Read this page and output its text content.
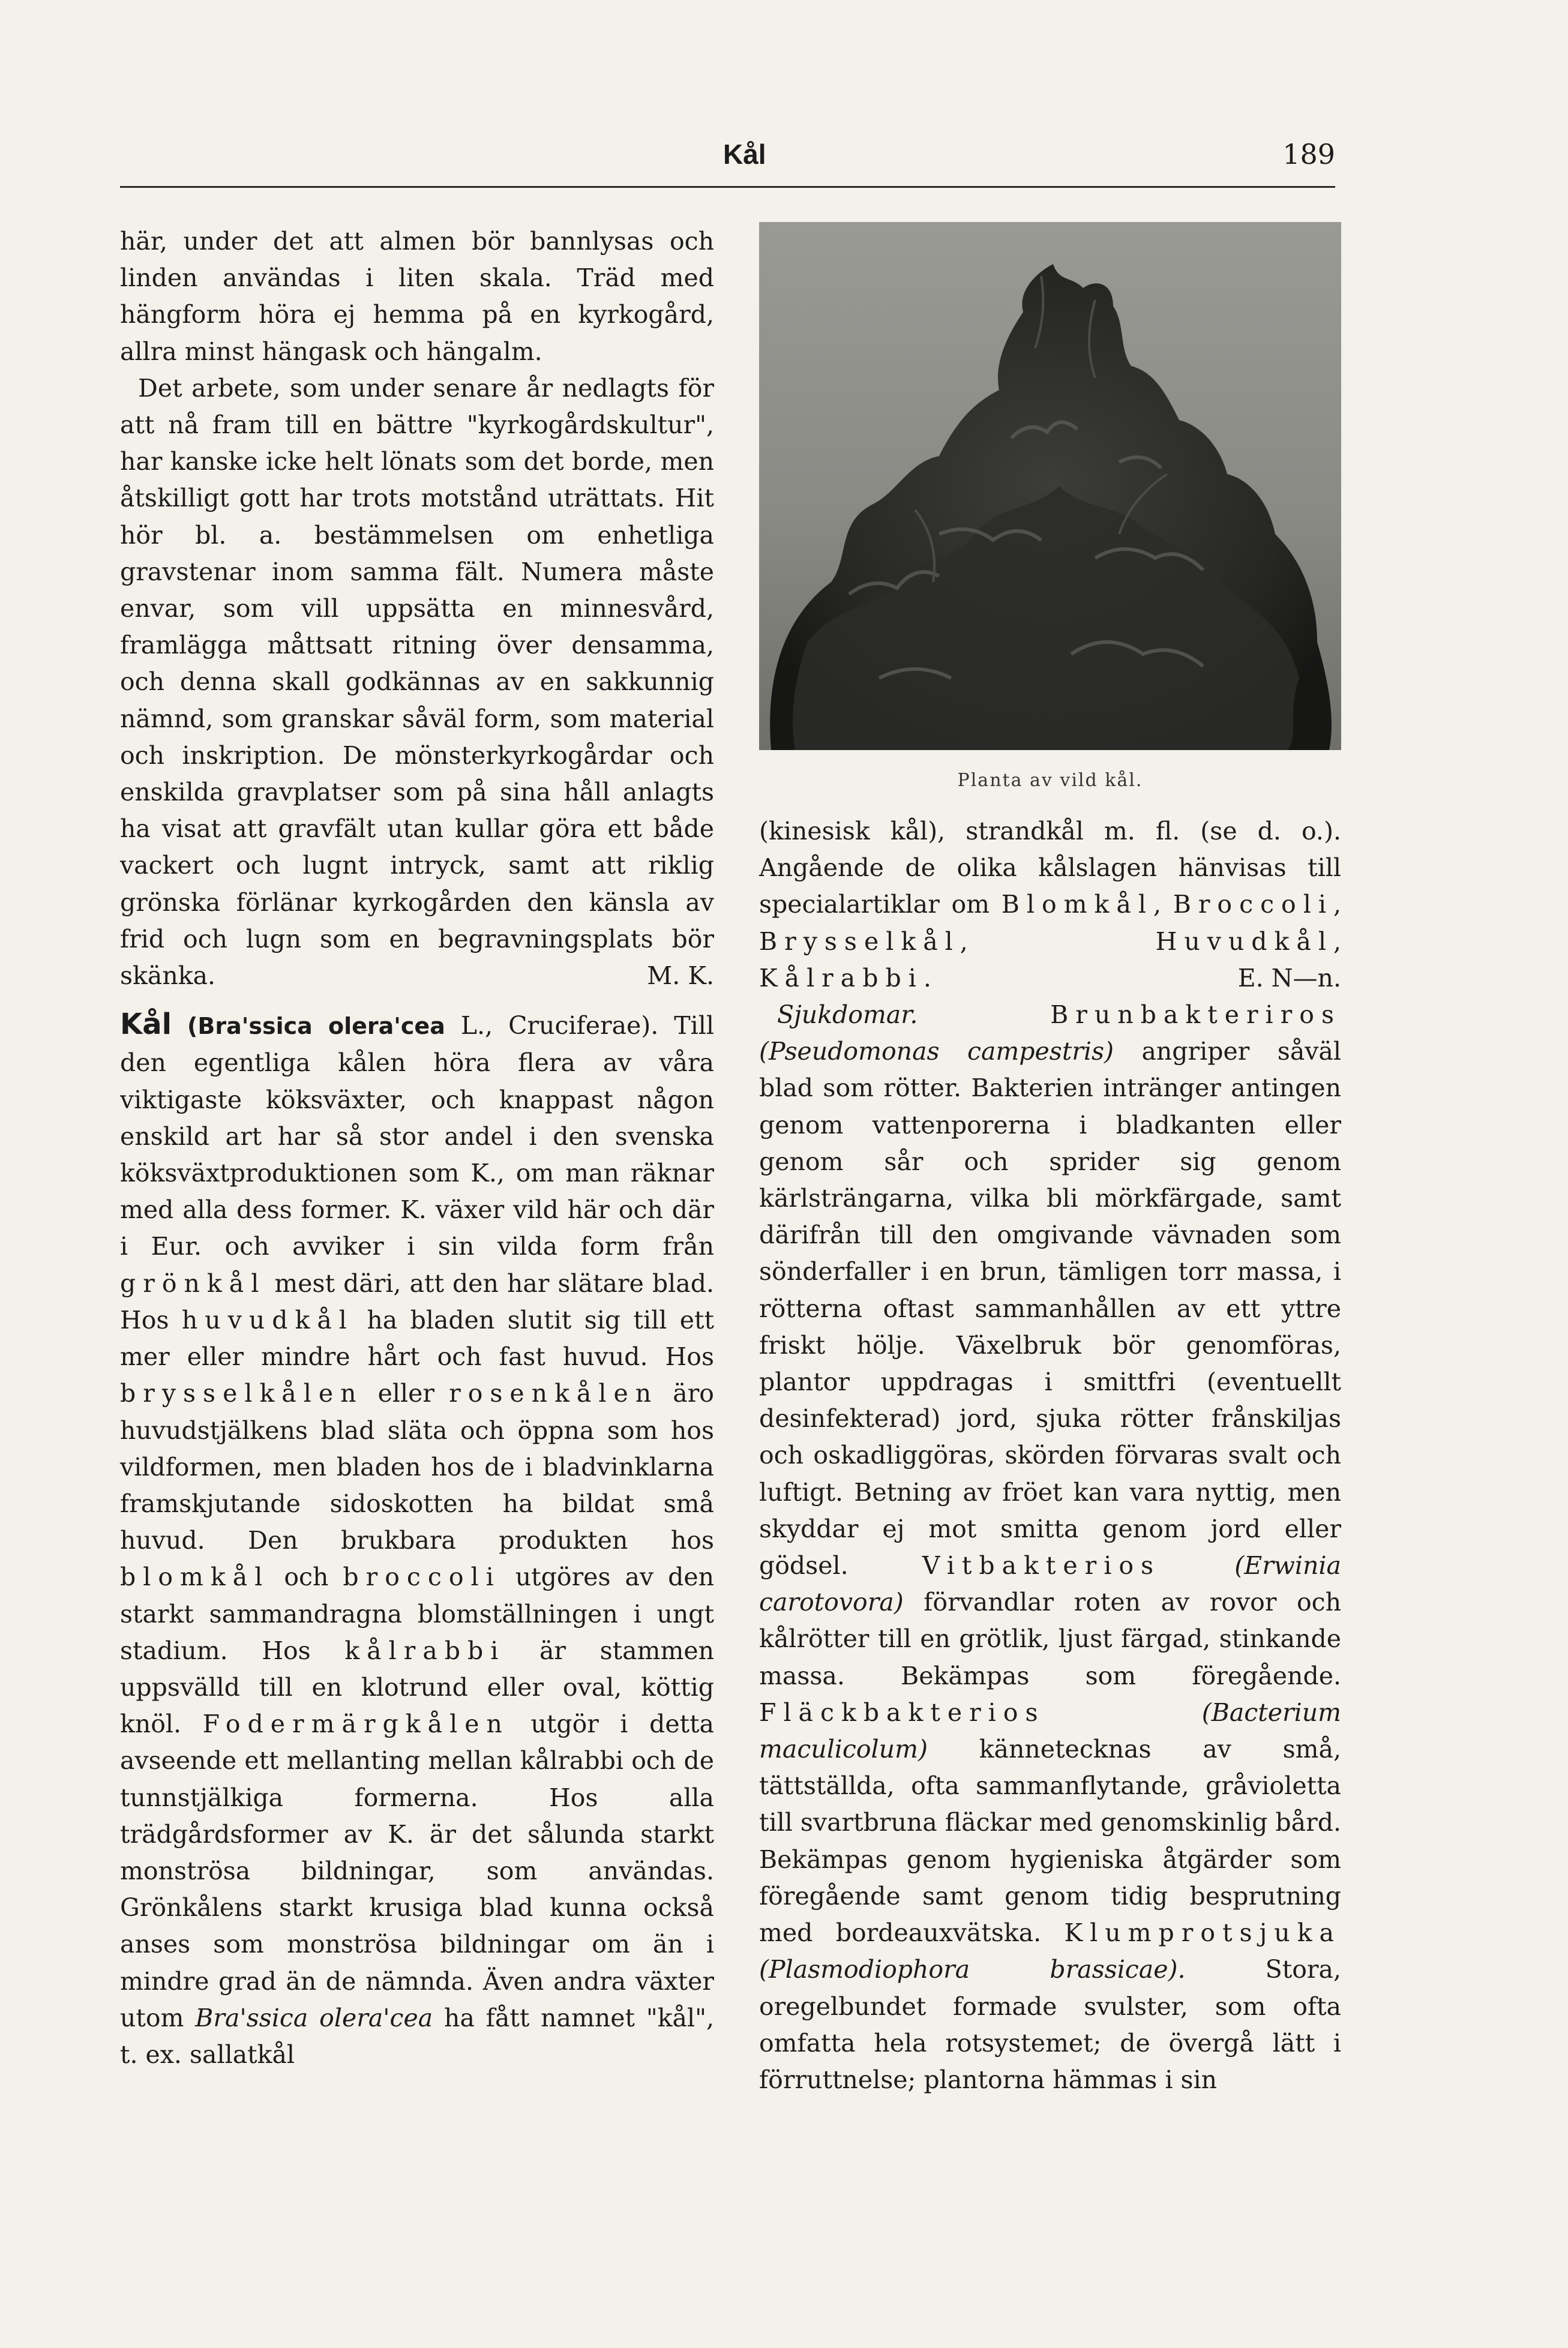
Kål	189

här, under det att almen bör bannlysas och linden användas i liten skala. Träd med hängform höra ej hemma på en kyrkogård, allra minst hängask och hängalm.

Det arbete, som under senare år nedlagts för att nå fram till en bättre "kyrkogårdskultur", har kanske icke helt lönats som det borde, men åtskilligt gott har trots motstånd uträttats. Hit hör bl. a. bestämmelsen om enhetliga gravstenar inom samma fält. Numera måste envar, som vill uppsätta en minnesvård, framlägga måttsatt ritning över densamma, och denna skall godkännas av en sakkunnig nämnd, som granskar såväl form, som material och inskription. De mönsterkyrkogårdar och enskilda gravplatser som på sina håll anlagts ha visat att gravfält utan kullar göra ett både vackert och lugnt intryck, samt att riklig grönska förlänar kyrkogården den känsla av frid och lugn som en begravningsplats bör skänka.	M. K.

Kål (Bra'ssica olera'cea L., Cruciferae). Till den egentliga kålen höra flera av våra viktigaste köksväxter, och knappast någon enskild art har så stor andel i den svenska köksväxtproduktionen som K., om man räknar med alla dess former. K. växer vild här och där i Eur. och avviker i sin vilda form från grönkål mest däri, att den har slätare blad. Hos huvudkål ha bladen slutit sig till ett mer eller mindre hårt och fast huvud. Hos brysselkålen eller rosenkålen äro huvudstjälkens blad släta och öppna som hos vildformen, men bladen hos de i bladvinklarna framskjutande sidoskotten ha bildat små huvud. Den brukbara produkten hos blomkål och broccoli utgöres av den starkt sammandragna blomställningen i ungt stadium. Hos kålrabbi är stammen uppsvälld till en klotrund eller oval, köttig knöl. Fodermärgkålen utgör i detta avseende ett mellanting mellan kålrabbi och de tunnstjälkiga formerna. Hos alla trädgårdsformer av K. är det sålunda starkt monströsa bildningar, som användas. Grönkålens starkt krusiga blad kunna också anses som monströsa bildningar om än i mindre grad än de nämnda. Även andra växter utom Bra'ssica olera'cea ha fått namnet "kål", t. ex. sallatkål

Planta av vild kål.

(kinesisk kål), strandkål m. fl. (se d. o.). Angående de olika kålslagen hänvisas till specialartiklar om Blomkål, Broccoli, Brysselkål, Huvudkål, Kålrabbi.	E. N—n.

Sjukdomar.	Brunbakteriros (Pseudomonas campestris) angriper såväl blad som rötter. Bakterien intränger antingen genom vattenporerna i bladkanten eller genom sår och sprider sig genom kärlsträngarna, vilka bli mörkfärgade, samt därifrån till den omgivande vävnaden som sönderfaller i en brun, tämligen torr massa, i rötterna oftast sammanhållen av ett yttre friskt hölje. Växelbruk bör genomföras, plantor uppdragas i smittfri (eventuellt desinfekterad) jord, sjuka rötter frånskiljas och oskadliggöras, skörden förvaras svalt och luftigt. Betning av fröet kan vara nyttig, men skyddar ej mot smitta genom jord eller gödsel. Vitbakterios	(Erwinia carotovora) förvandlar roten av rovor och kålrötter till en grötlik, ljust färgad, stinkande massa. Bekämpas som föregående. Fläckbakterios	(Bacterium maculicolum) kännetecknas av små, tättställda, ofta sammanflytande, gråvioletta till svartbruna fläckar med genomskinlig bård. Bekämpas genom hygieniska åtgärder som föregående samt genom tidig besprutning med bordeauxvätska. Klumprotsjuka (Plasmodiophora brassicae). Stora, oregelbundet formade svulster, som ofta omfatta hela rotsystemet; de övergå lätt i förruttnelse; plantorna hämmas i sin
